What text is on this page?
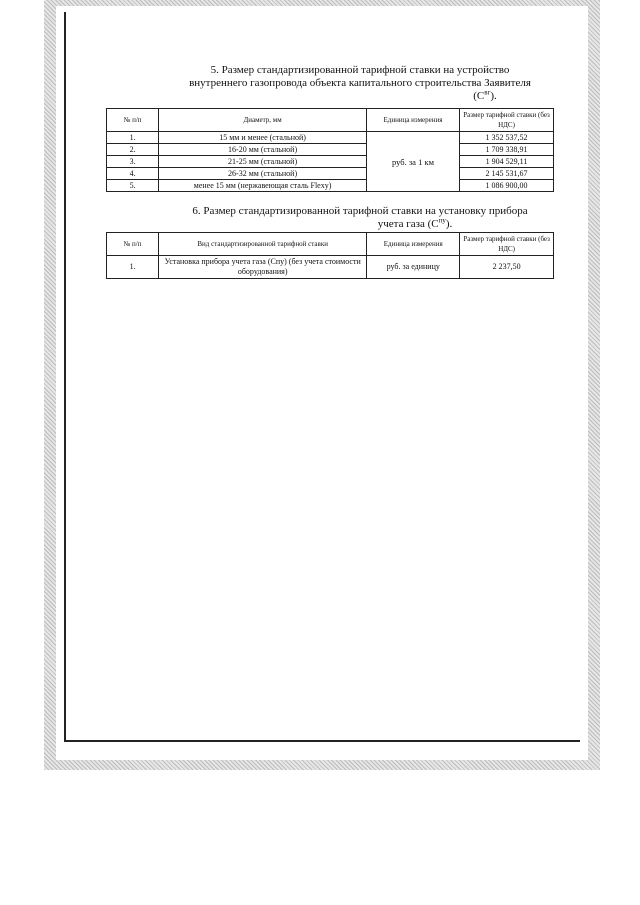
5. Размер стандартизированной тарифной ставки на устройство
внутреннего газопровода объекта капитального строительства Заявителя
$(С^{вг})$.
№ п/п	Диаметр, мм	Единица измерения	Размер тарифной ставки (без НДС)
1.	15 мм и менее (стальной)	руб. за 1 км	1 352 537,52
2.	16-20 мм (стальной)		1 709 338,91
3.	21-25 мм (стальной)		1 904 529,11
4.	26-32 мм (стальной)		2 145 531,67
5.	менее 15 мм (нержавеющая сталь Flexy)		1 086 900,00
6. Размер стандартизированной тарифной ставки на установку прибора
учета газа $(С^{пу})$.
№ п/п	Вид стандартизированной тарифной ставки	Единица измерения	Размер тарифной ставки (без НДС)
1.	Установка прибора учета газа (Спу) (без учета стоимости оборудования)	руб. за единицу	2 237,50
